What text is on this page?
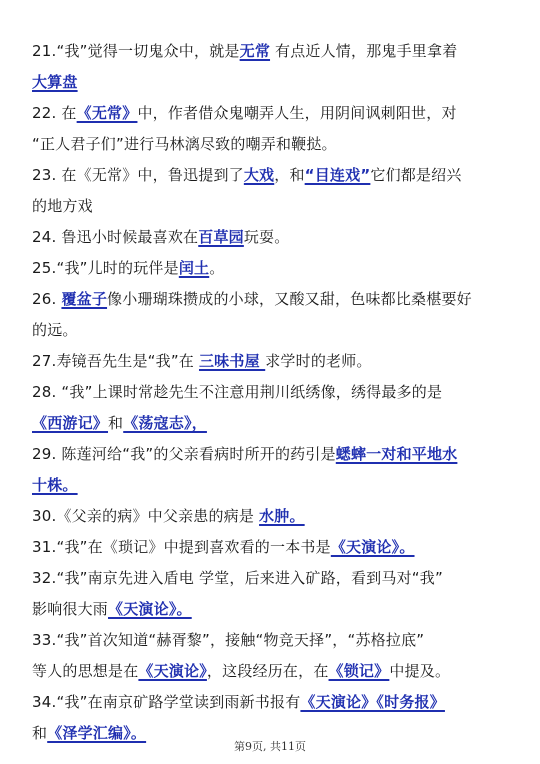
21.“我”觉得一切鬼众中，就是无常 有点近人情，那鬼手里拿着
大算盘
22. 在《无常》中，作者借众鬼嘲弄人生，用阴间讽刺阳世，对
“正人君子们”进行马林漓尽致的嘲弄和鞭挞。
23. 在《无常》中，鲁迅提到了大戏，和“目连戏”它们都是绍兴
的地方戏
24. 鲁迅小时候最喜欢在百草园玩耍。
25.“我”儿时的玩伴是闰土。
26. 覆盆子像小珊瑚珠攒成的小球，又酸又甜，色味都比桑椹要好
的远。
27.寿镜吾先生是“我”在 三味书屋 求学时的老师。
28. “我”上课时常趁先生不注意用荆川纸绣像，绣得最多的是
《西游记》和《荡寇志》，
29. 陈莲河给“我”的父亲看病时所开的药引是蟋蟀一对和平地水
十株。
30.《父亲的病》中父亲患的病是 水肿。
31.“我”在《琐记》中提到喜欢看的一本书是《天演论》。
32.“我”南京先进入盾电 学堂，后来进入矿路，看到马对“我”
影响很大雨《天演论》。
33.“我”首次知道“赫胥黎”，接触“物竞天择”，“苏格拉底”
等人的思想是在《天演论》，这段经历在，在《锁记》中提及。
34.“我”在南京矿路学堂读到雨新书报有《天演论》《时务报》
和《泽学汇编》。
第9页, 共11页
